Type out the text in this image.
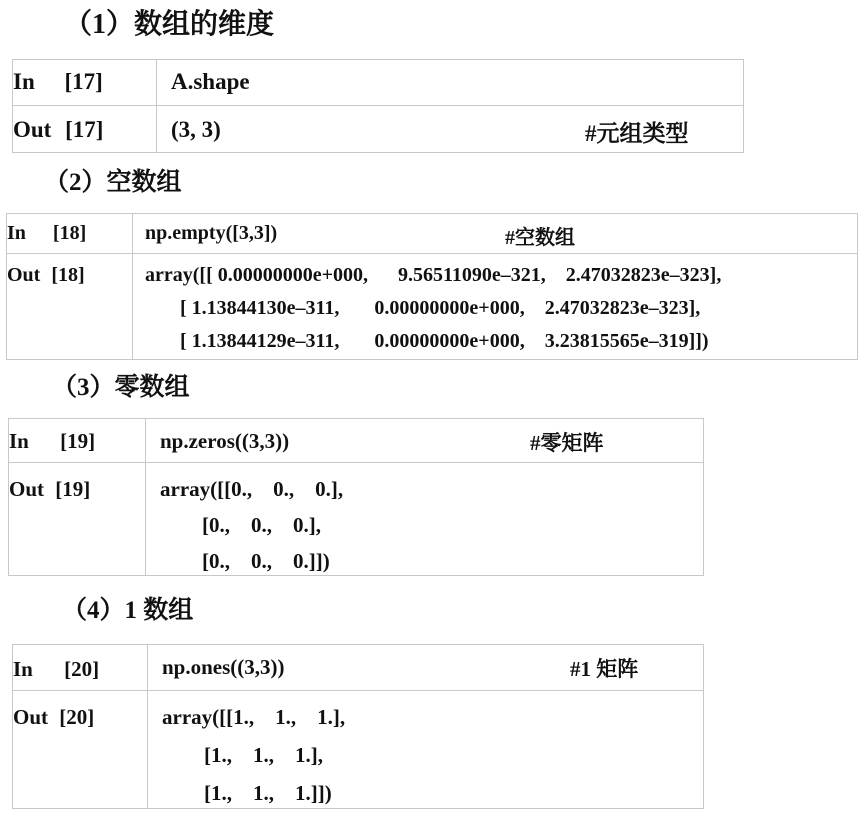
（1）数组的维度
In [17]	A.shape
Out [17]	(3, 3) #元组类型
（2）空数组
In [18]	np.empty([3,3]) #空数组

Out [18]	array([[ 0.00000000e+000,      9.56511090e–321,    2.47032823e–323],
[ 1.13844130e–311,       0.00000000e+000,    2.47032823e–323],
[ 1.13844129e–311,       0.00000000e+000,    3.23815565e–319]])
（3）零数组
In [19]	np.zeros((3,3)) #零矩阵

Out [19]	array([[0.,    0.,    0.],
[0.,    0.,    0.],
[0.,    0.,    0.]])
（4）1 数组
In [20]	np.ones((3,3)) #1 矩阵

Out [20]	array([[1.,    1.,    1.],
[1.,    1.,    1.],
[1.,    1.,    1.]])
